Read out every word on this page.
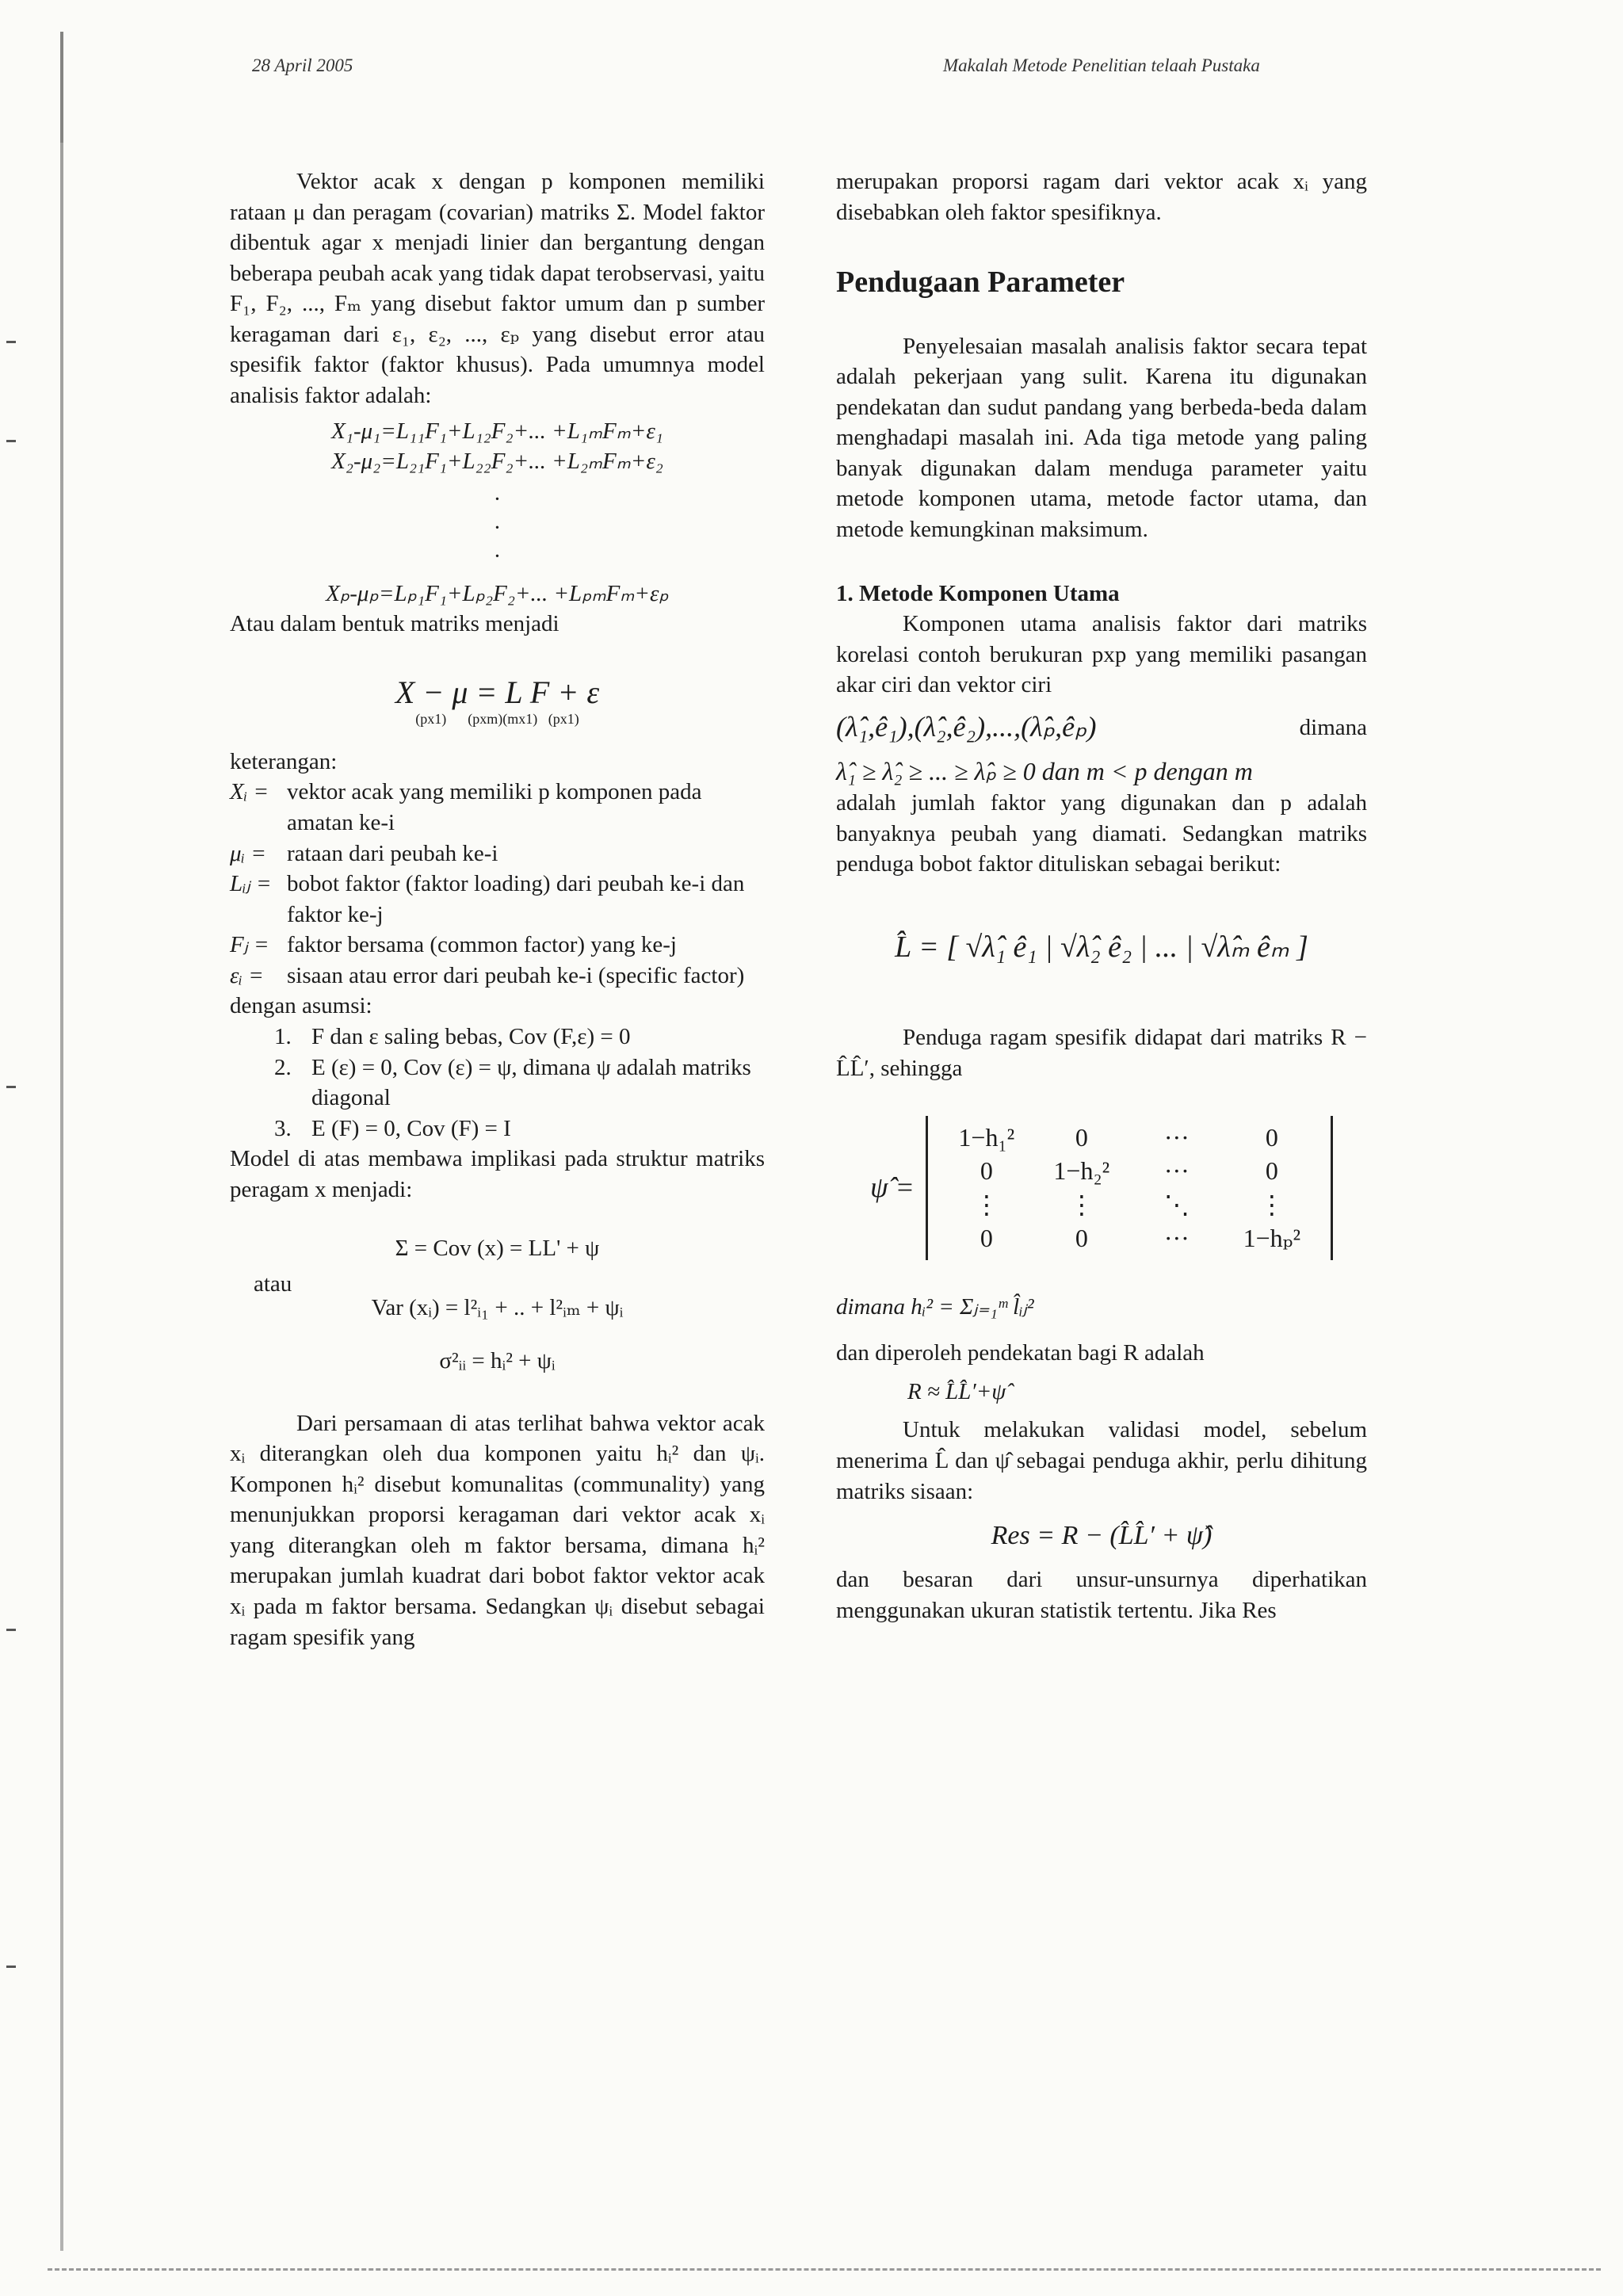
28 April 2005	Makalah Metode Penelitian telaah Pustaka

Vektor acak x dengan p komponen memiliki rataan μ dan peragam (covarian) matriks Σ. Model faktor dibentuk agar x menjadi linier dan bergantung dengan beberapa peubah acak yang tidak dapat terobservasi, yaitu F₁, F₂, ..., Fₘ yang disebut faktor umum dan p sumber keragaman dari ε₁, ε₂, ..., εₚ yang disebut error atau spesifik faktor (faktor khusus). Pada umumnya model analisis faktor adalah:

X₁-μ₁=L₁₁F₁+L₁₂F₂+... +L₁ₘFₘ+ε₁
X₂-μ₂=L₂₁F₁+L₂₂F₂+... +L₂ₘFₘ+ε₂
·
·
·
Xₚ-μₚ=Lₚ₁F₁+Lₚ₂F₂+... +LₚₘFₘ+εₚ

Atau dalam bentuk matriks menjadi

X − μ = L F + ε
(px1)      (pxm)(mx1)   (px1)
keterangan:
Xᵢ = vektor acak yang memiliki p komponen pada amatan ke-i
μᵢ = rataan dari peubah ke-i
Lᵢⱼ = bobot faktor (faktor loading) dari peubah ke-i dan faktor ke-j
Fⱼ = faktor bersama (common factor) yang ke-j
εᵢ =	sisaan atau error dari peubah ke-i (specific factor)
dengan asumsi:
1. F dan ε saling bebas, Cov (F,ε) = 0
2. E (ε) = 0, Cov (ε) = ψ, dimana ψ adalah matriks diagonal
3. E (F) = 0, Cov (F) = I

Model di atas membawa implikasi pada struktur matriks peragam x menjadi:

Σ = Cov (x) = LL' + ψ
atau
Var (xᵢ) = l²ᵢ₁ + .. + l²ᵢₘ + ψᵢ
σ²ᵢᵢ = hᵢ² + ψᵢ

Dari persamaan di atas terlihat bahwa vektor acak xᵢ diterangkan oleh dua komponen yaitu hᵢ² dan ψᵢ. Komponen hᵢ² disebut komunalitas (communality) yang menunjukkan proporsi keragaman dari vektor acak xᵢ yang diterangkan oleh m faktor bersama, dimana hᵢ² merupakan jumlah kuadrat dari bobot faktor vektor acak xᵢ pada m faktor bersama. Sedangkan ψᵢ disebut sebagai ragam spesifik yang

merupakan proporsi ragam dari vektor acak xᵢ yang disebabkan oleh faktor spesifiknya.

Pendugaan Parameter

Penyelesaian masalah analisis faktor secara tepat adalah pekerjaan yang sulit. Karena itu digunakan pendekatan dan sudut pandang yang berbeda-beda dalam menghadapi masalah ini. Ada tiga metode yang paling banyak digunakan dalam menduga parameter yaitu metode komponen utama, metode factor utama, dan metode kemungkinan maksimum.

1. Metode Komponen Utama

Komponen utama analisis faktor dari matriks korelasi contoh berukuran pxp yang memiliki pasangan akar ciri dan vektor ciri

(λ̂₁,ê₁),(λ̂₂,ê₂),...,(λ̂ₚ,êₚ)	dimana
λ̂₁ ≥ λ̂₂ ≥ ... ≥ λ̂ₚ ≥ 0 dan m < p dengan m

adalah jumlah faktor yang digunakan dan p adalah banyaknya peubah yang diamati. Sedangkan matriks penduga bobot faktor dituliskan sebagai berikut:

L̂ = [ √λ̂₁ ê₁ | √λ̂₂ ê₂ | ... | √λ̂ₘ êₘ ]

Penduga ragam spesifik didapat dari matriks R − L̂L̂′, sehingga

ψ̂ =
1−h₁²	0	···	0
0	1−h₂²	···	0
⋮	⋮	⋱	⋮
0	0	···	1−hₚ²
dimana hᵢ² = Σⱼ₌₁ᵐ l̂ᵢⱼ²

dan diperoleh pendekatan bagi R adalah

R ≈ L̂L̂′+ψ̂

Untuk melakukan validasi model, sebelum menerima L̂ dan ψ̂ sebagai penduga akhir, perlu dihitung matriks sisaan:

Res = R − (L̂L̂′ + ψ̂)

dan besaran dari unsur-unsurnya diperhatikan menggunakan ukuran statistik tertentu. Jika Res
